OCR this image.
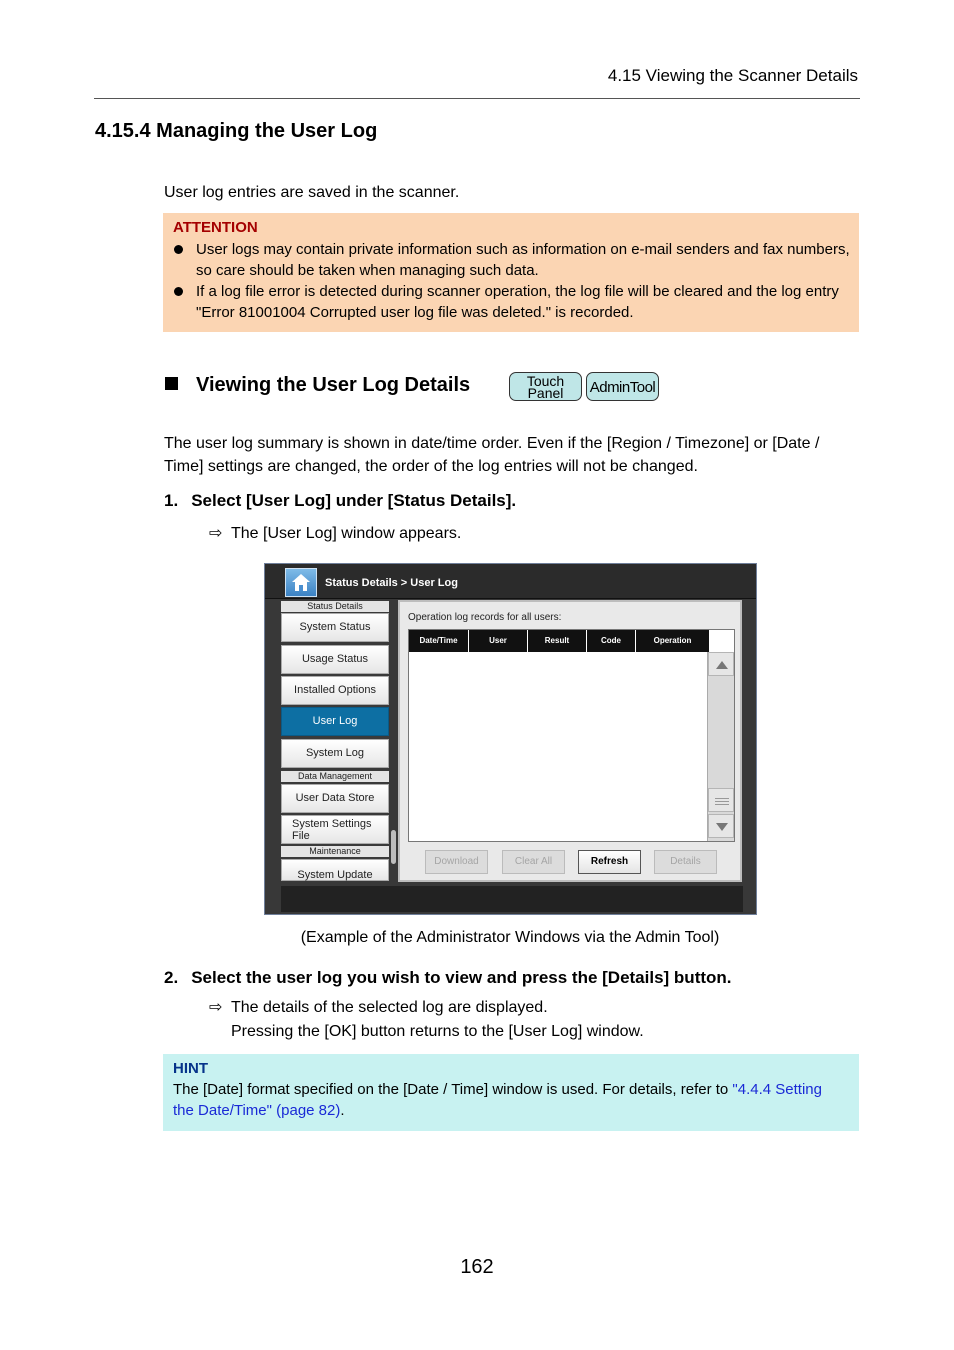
4.15 Viewing the Scanner Details
4.15.4 Managing the User Log
User log entries are saved in the scanner.
ATTENTION
User logs may contain private information such as information on e-mail senders and fax numbers, so care should be taken when managing such data.
If a log file error is detected during scanner operation, the log file will be cleared and the log entry "Error 81001004 Corrupted user log file was deleted." is recorded.
Viewing the User Log Details	Touch
Panel	AdminTool
The user log summary is shown in date/time order. Even if the [Region / Timezone] or [Date / Time] settings are changed, the order of the log entries will not be changed.
1. Select [User Log] under [Status Details].
⇨ The [User Log] window appears.
Status Details > User Log
Status Details
System Status
Usage Status
Installed Options
User Log
System Log
Data Management
User Data Store
System Settings File
Maintenance
System Update
Operation log records for all users:
Date/Time	User	Result	Code	Operation
Download	Clear All	Refresh	Details
(Example of the Administrator Windows via the Admin Tool)
2. Select the user log you wish to view and press the [Details] button.
⇨ The details of the selected log are displayed.
Pressing the [OK] button returns to the [User Log] window.
HINT
The [Date] format specified on the [Date / Time] window is used. For details, refer to "4.4.4 Setting the Date/Time" (page 82).
162
